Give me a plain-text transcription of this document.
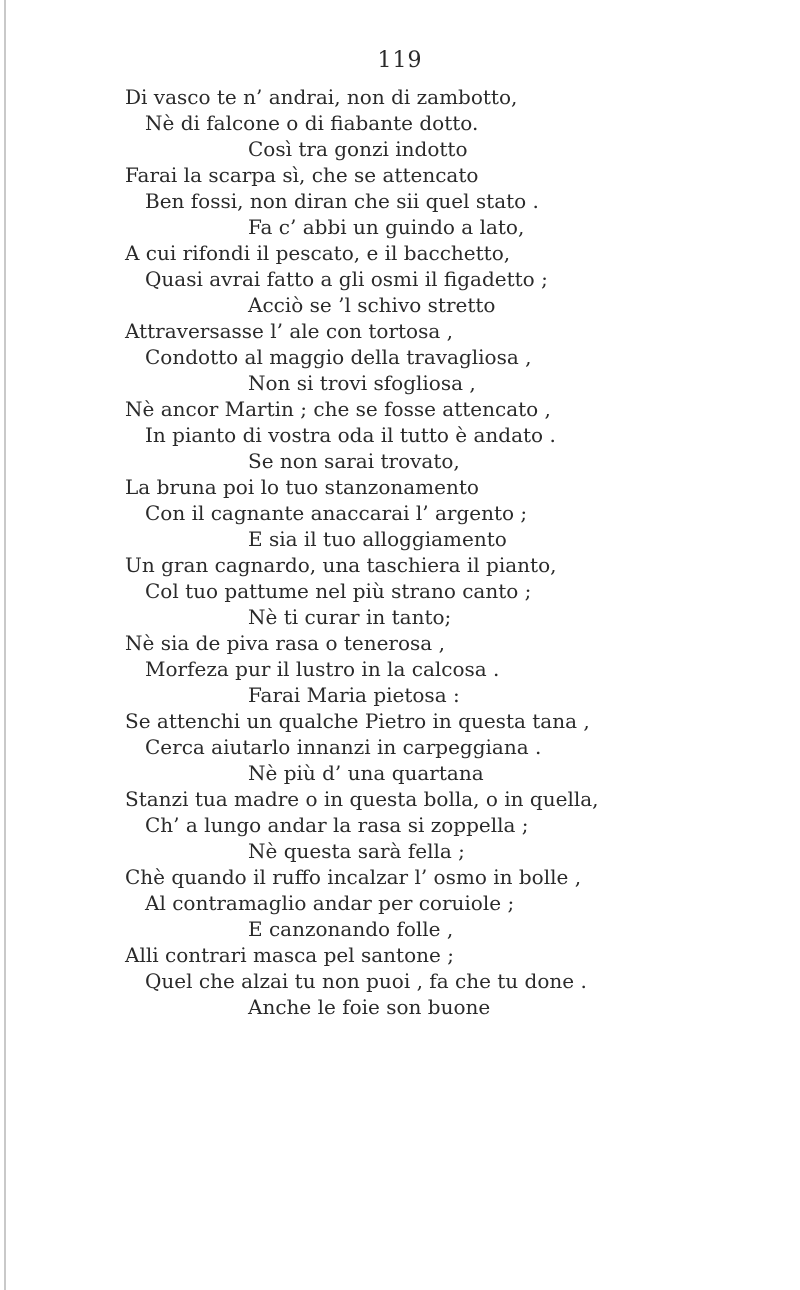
119
Di vasco te n’ andrai, non di zambotto,
Nè di falcone o di fiabante dotto.
Così tra gonzi indotto
Farai la scarpa sì, che se attencato
Ben fossi, non diran che sii quel stato .
Fa c’ abbi un guindo a lato,
A cui rifondi il pescato, e il bacchetto,
Quasi avrai fatto a gli osmi il figadetto ;
Acciò se ’l schivo stretto
Attraversasse l’ ale con tortosa ,
Condotto al maggio della travagliosa ,
Non si trovi sfogliosa ,
Nè ancor Martin ; che se fosse attencato ,
In pianto di vostra oda il tutto è andato .
Se non sarai trovato,
La bruna poi lo tuo stanzonamento
Con il cagnante anaccarai l’ argento ;
E sia il tuo alloggiamento
Un gran cagnardo, una taschiera il pianto,
Col tuo pattume nel più strano canto ;
Nè ti curar in tanto;
Nè sia de piva rasa o tenerosa ,
Morfeza pur il lustro in la calcosa .
Farai Maria pietosa :
Se attenchi un qualche Pietro in questa tana ,
Cerca aiutarlo innanzi in carpeggiana .
Nè più d’ una quartana
Stanzi tua madre o in questa bolla, o in quella,
Ch’ a lungo andar la rasa si zoppella ;
Nè questa sarà fella ;
Chè quando il ruffo incalzar l’ osmo in bolle ,
Al contramaglio andar per coruiole ;
E canzonando folle ,
Alli contrari masca pel santone ;
Quel che alzai tu non puoi , fa che tu done .
Anche le foie son buone
